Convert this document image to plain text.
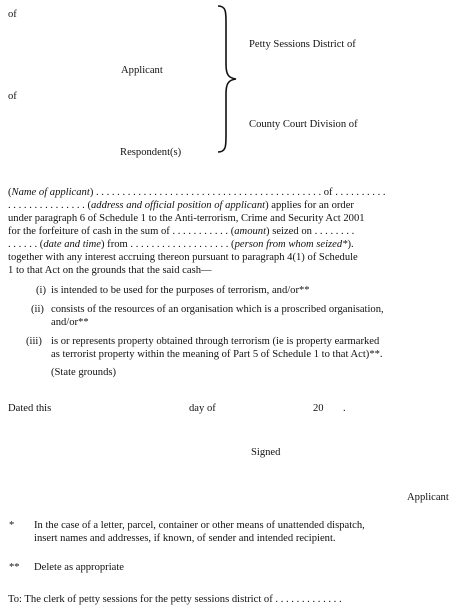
of
Applicant
of
Respondent(s)
Petty Sessions District of
County Court Division of
(Name of applicant) . . . . . . . . . . . . . . . . . . . . . . . . . . . . . . . . . . . . . . . . . . . of . . . . . . . . . .
. . . . . . . . . . . . . . . (address and official position of applicant) applies for an order
under paragraph 6 of Schedule 1 to the Anti-terrorism, Crime and Security Act 2001
for the forfeiture of cash in the sum of . . . . . . . . . . . (amount) seized on . . . . . . . .
. . . . . . (date and time) from . . . . . . . . . . . . . . . . . . . (person from whom seized*).
together with any interest accruing thereon pursuant to paragraph 4(1) of Schedule
1 to that Act on the grounds that the said cash—
(i) is intended to be used for the purposes of terrorism, and/or**
(ii) consists of the resources of an organisation which is a proscribed organisation,
and/or**
(iii) is or represents property obtained through terrorism (ie is property earmarked
as terrorist property within the meaning of Part 5 of Schedule 1 to that Act)**.
(State grounds)
Dated this	day of	20 .
Signed
Applicant
* In the case of a letter, parcel, container or other means of unattended dispatch,
insert names and addresses, if known, of sender and intended recipient.
** Delete as appropriate
To: The clerk of petty sessions for the petty sessions district of . . . . . . . . . . . . .
